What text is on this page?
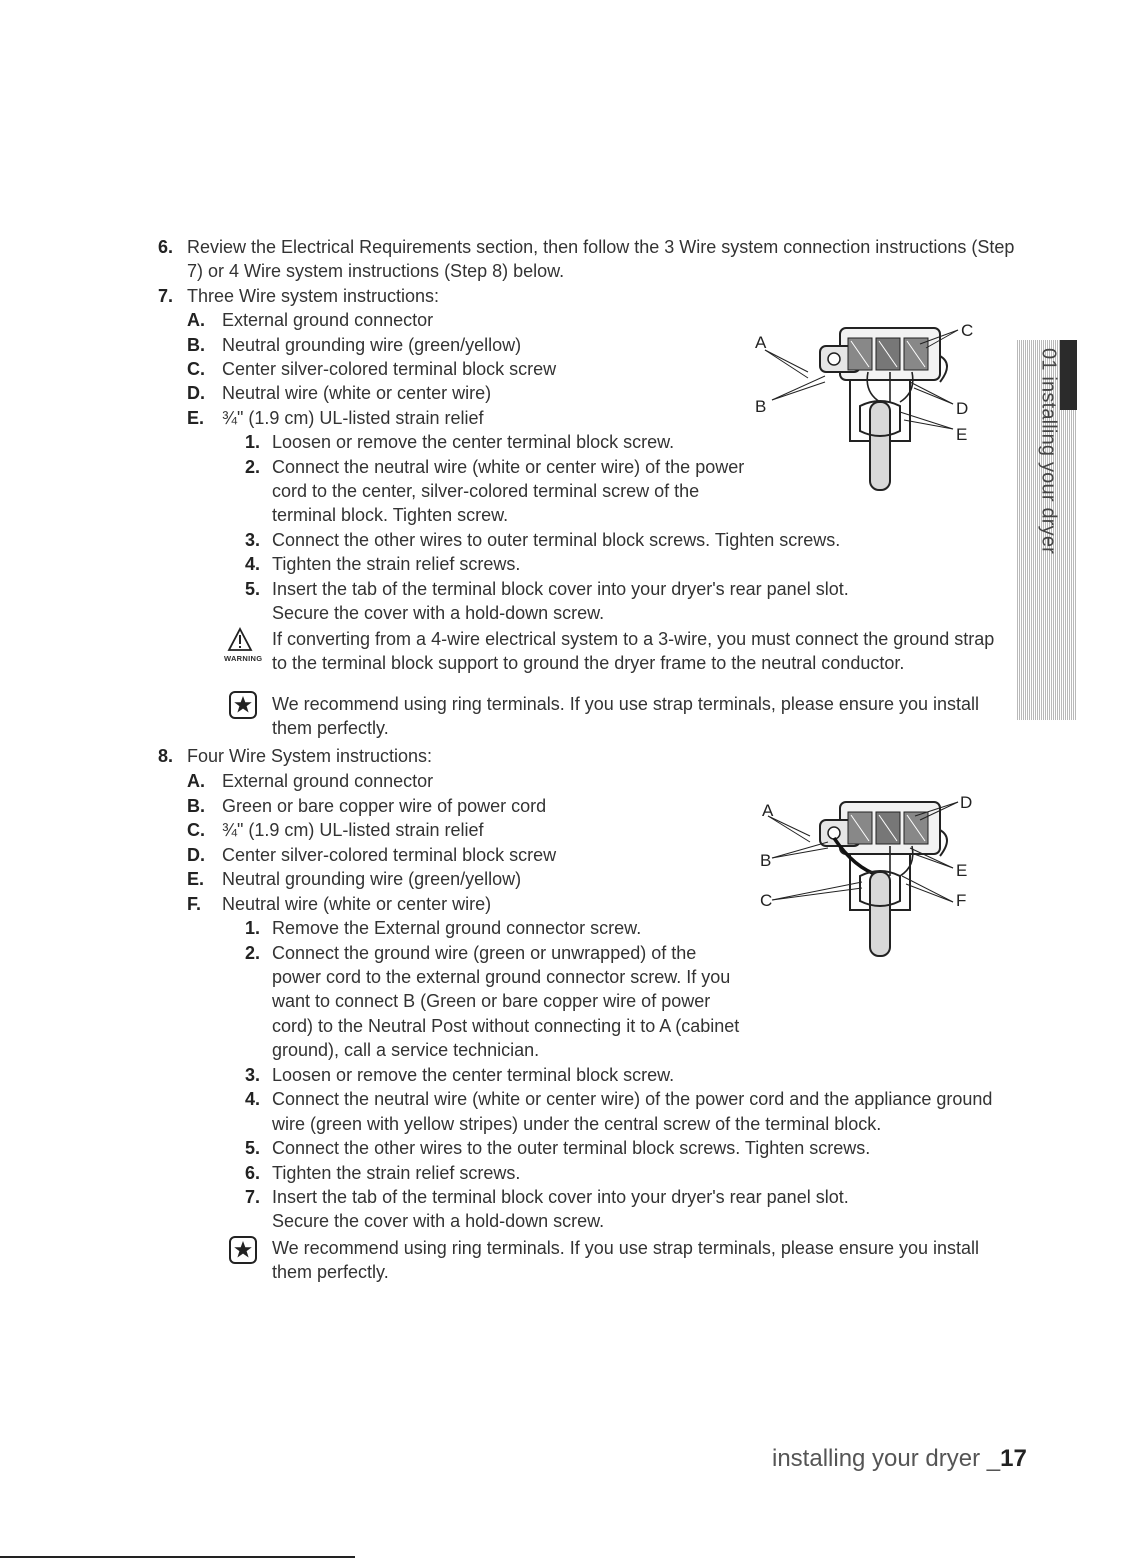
6. Review the Electrical Requirements section, then follow the 3 Wire system connection instructions (Step
7) or 4 Wire system instructions (Step 8) below.
7. Three Wire system instructions:
A. External ground connector
B. Neutral grounding wire (green/yellow)
C. Center silver-colored terminal block screw
D. Neutral wire (white or center wire)
E. ¾" (1.9 cm) UL-listed strain relief
1. Loosen or remove the center terminal block screw.
2. Connect the neutral wire (white or center wire) of the power
cord to the center, silver-colored terminal screw of the
terminal block. Tighten screw.
3. Connect the other wires to outer terminal block screws. Tighten screws.
4. Tighten the strain relief screws.
5. Insert the tab of the terminal block cover into your dryer's rear panel slot.
Secure the cover with a hold-down screw.
WARNING
If converting from a 4-wire electrical system to a 3-wire, you must connect the ground strap
to the terminal block support to ground the dryer frame to the neutral conductor.
We recommend using ring terminals. If you use strap terminals, please ensure you install
them perfectly.
A
B
C
D
E
8. Four Wire System instructions:
A. External ground connector
B. Green or bare copper wire of power cord
C. ¾" (1.9 cm) UL-listed strain relief
D. Center silver-colored terminal block screw
E. Neutral grounding wire (green/yellow)
F. Neutral wire (white or center wire)
1. Remove the External ground connector screw.
2. Connect the ground wire (green or unwrapped) of the
power cord to the external ground connector screw. If you
want to connect B (Green or bare copper wire of power
cord) to the Neutral Post without connecting it to A (cabinet
ground), call a service technician.
3. Loosen or remove the center terminal block screw.
4. Connect the neutral wire (white or center wire) of the power cord and the appliance ground
wire (green with yellow stripes) under the central screw of the terminal block.
5. Connect the other wires to the outer terminal block screws. Tighten screws.
6. Tighten the strain relief screws.
7. Insert the tab of the terminal block cover into your dryer's rear panel slot.
Secure the cover with a hold-down screw.
We recommend using ring terminals. If you use strap terminals, please ensure you install
them perfectly.
A
B
C
D
E
F
01 installing your dryer
installing your dryer _17
